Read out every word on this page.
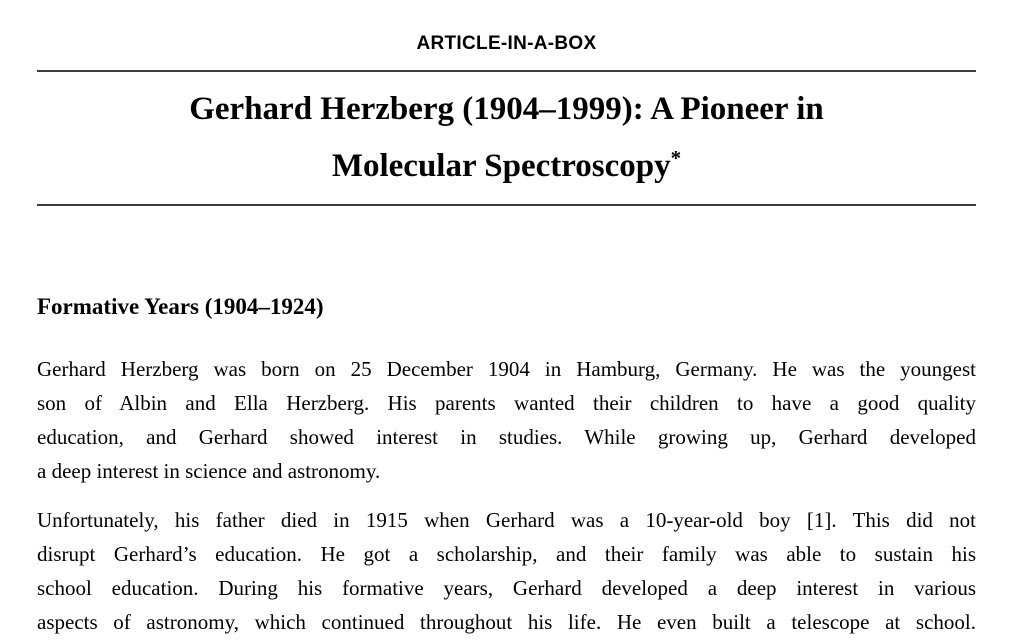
ARTICLE-IN-A-BOX
Gerhard Herzberg (1904–1999): A Pioneer in
Molecular Spectroscopy*
Formative Years (1904–1924)
Gerhard Herzberg was born on 25 December 1904 in Hamburg, Germany. He was the youngest
son of Albin and Ella Herzberg. His parents wanted their children to have a good quality
education, and Gerhard showed interest in studies. While growing up, Gerhard developed
a deep interest in science and astronomy.
Unfortunately, his father died in 1915 when Gerhard was a 10-year-old boy [1]. This did not
disrupt Gerhard’s education. He got a scholarship, and their family was able to sustain his
school education. During his formative years, Gerhard developed a deep interest in various
aspects of astronomy, which continued throughout his life. He even built a telescope at school.
